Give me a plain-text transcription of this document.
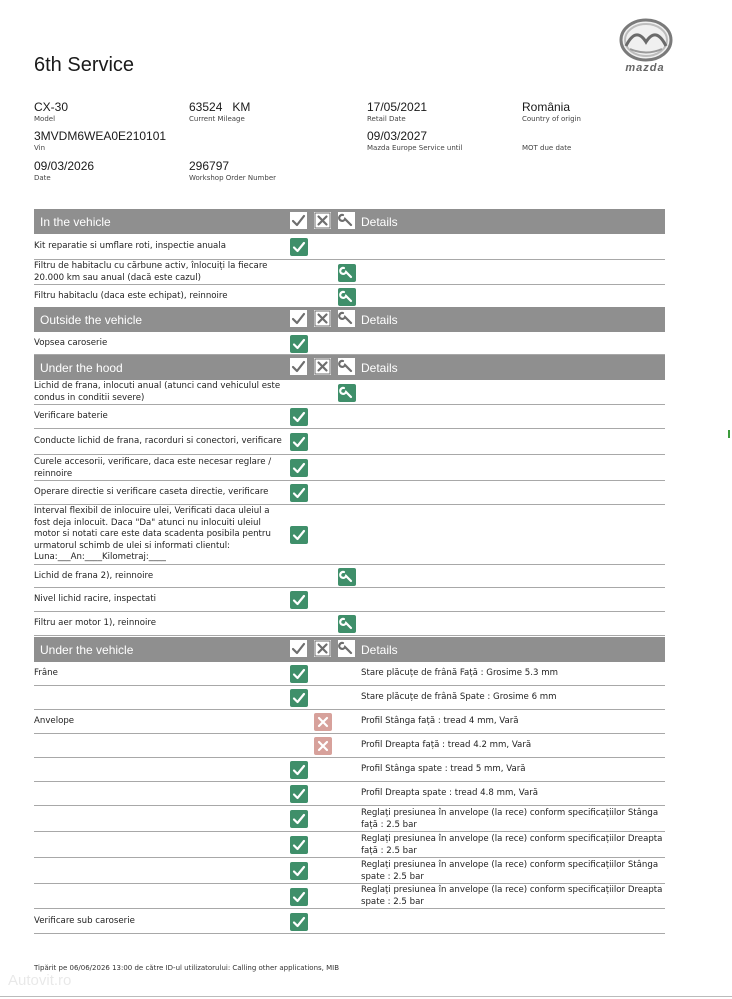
6th Service	mazda
CX-30
Model
63524   KM
Current Mileage
17/05/2021
Retail Date
România
Country of origin
3MVDM6WEA0E210101
Vin
09/03/2027
Mazda Europe Service until	MOT due date
09/03/2026
Date
296797
Workshop Order Number
In the vehicle	Details
Kit reparatie si umflare roti, inspectie anuala
Filtru de habitaclu cu cărbune activ, înlocuiți la fiecare 20.000 km sau anual (dacă este cazul)
Filtru habitaclu (daca este echipat), reinnoire
Outside the vehicle	Details
Vopsea caroserie
Under the hood	Details
Lichid de frana, inlocuti anual (atunci cand vehiculul este condus in conditii severe)
Verificare baterie
Conducte lichid de frana, racorduri si conectori, verificare
Curele accesorii, verificare, daca este necesar reglare / reinnoire
Operare directie si verificare caseta directie, verificare
Interval flexibil de inlocuire ulei, Verificati daca uleiul a fost deja inlocuit. Daca "Da" atunci nu inlocuiti uleiul motor si notati care este data scadenta posibila pentru urmatorul schimb de ulei si informati clientul: Luna:___An:____Kilometraj:____
Lichid de frana 2), reinnoire
Nivel lichid racire, inspectati
Filtru aer motor 1), reinnoire
Under the vehicle	Details
Frâne	Stare plăcuțe de frână Față : Grosime 5.3 mm
Stare plăcuțe de frână Spate : Grosime 6 mm
Anvelope	Profil Stânga față : tread 4 mm, Vară
Profil Dreapta față : tread 4.2 mm, Vară
Profil Stânga spate : tread 5 mm, Vară
Profil Dreapta spate : tread 4.8 mm, Vară
Reglați presiunea în anvelope (la rece) conform specificațiilor Stânga față : 2.5 bar
Reglați presiunea în anvelope (la rece) conform specificațiilor Dreapta față : 2.5 bar
Reglați presiunea în anvelope (la rece) conform specificațiilor Stânga spate : 2.5 bar
Reglați presiunea în anvelope (la rece) conform specificațiilor Dreapta spate : 2.5 bar
Verificare sub caroserie
Tipărit pe 06/06/2026 13:00 de către ID-ul utilizatorului: Calling other applications, MIB
Autovit.ro
